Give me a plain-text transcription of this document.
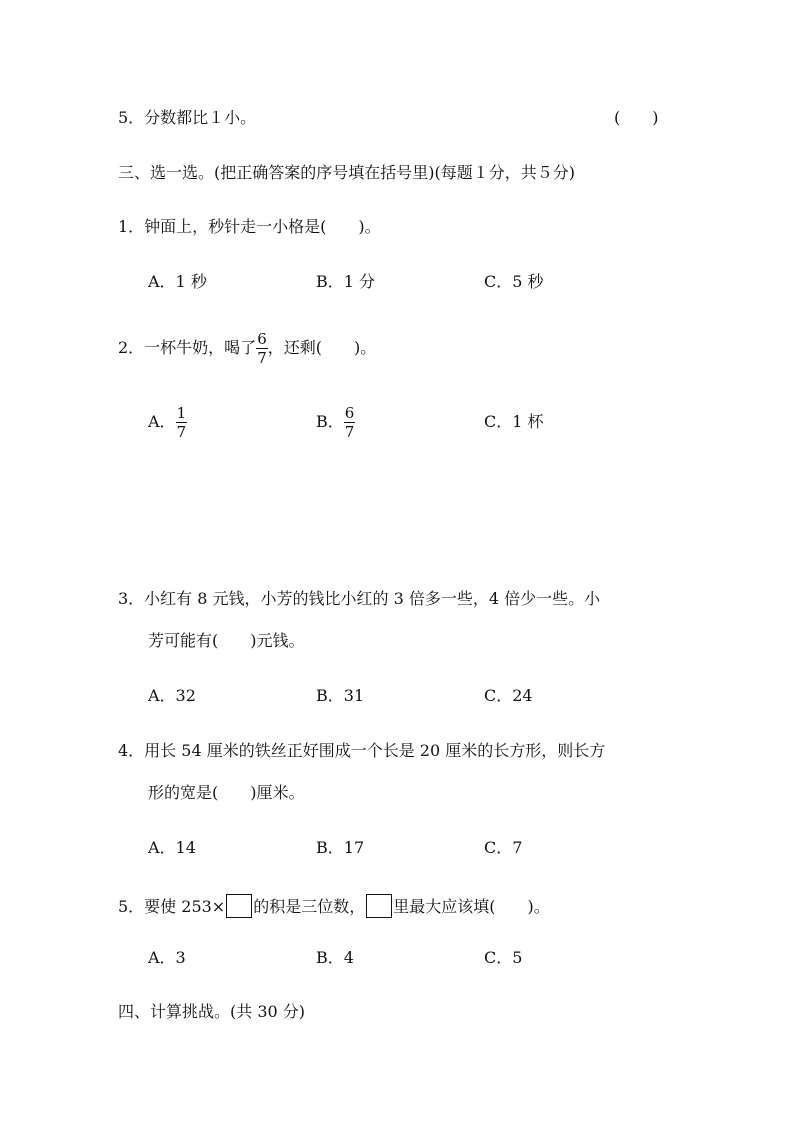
5．分数都比１小。	(　　)
三、选一选。(把正确答案的序号填在括号里)(每题１分，共５分)
1．钟面上，秒针走一小格是(　　)。
A．1 秒	B．1 分	C．5 秒
2．一杯牛奶，喝了 $\frac{6}{7}$ ，还剩(　　)。
A． $\frac{1}{7}$	B． $\frac{6}{7}$	C．1 杯
3．小红有 8 元钱，小芳的钱比小红的 3 倍多一些，4 倍少一些。小
芳可能有(　　)元钱。
A．32	B．31	C．24
4．用长 54 厘米的铁丝正好围成一个长是 20 厘米的长方形，则长方
形的宽是(　　)厘米。
A．14	B．17	C．7
5．要使 253× 的积是三位数， 里最大应该填(　　)。
A．3	B．4	C．5
四、计算挑战。(共 30 分)
